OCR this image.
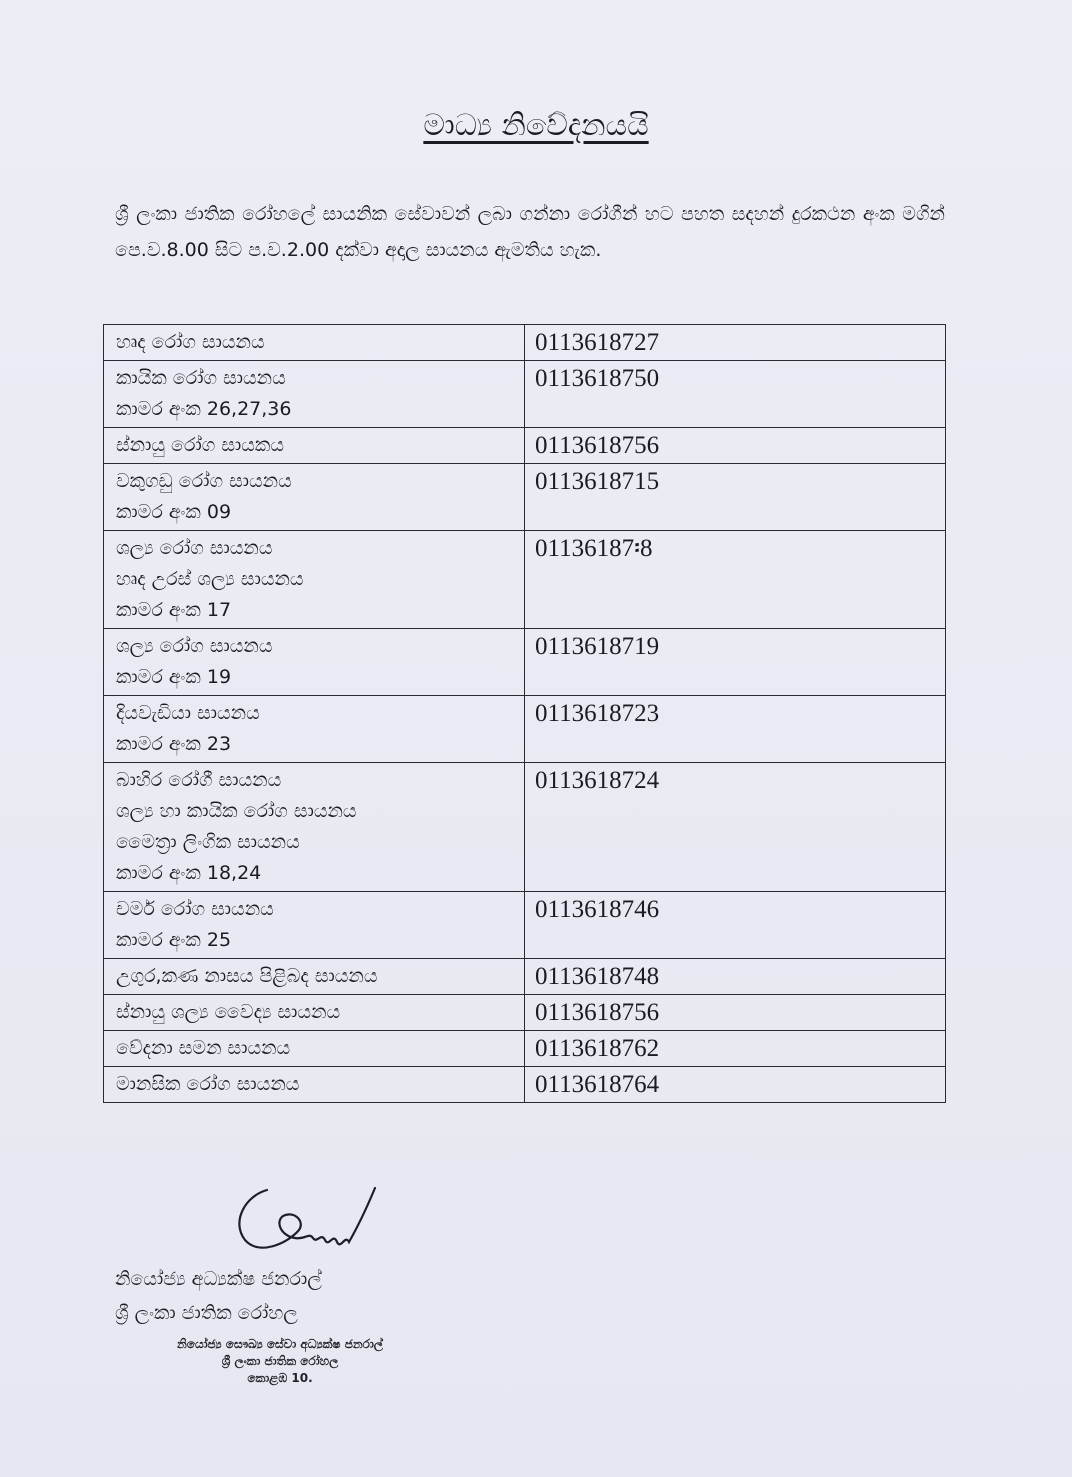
මාධ්‍ය නිවේදනයයි

ශ්‍රී ලංකා ජාතික රෝහලේ සායනික සේවාවන් ලබා ගන්නා රෝගීන් හට පහත සදහන් දුරකථන අංක මගින් පෙ.ව.8.00 සිට ප.ව.2.00 දක්වා අදාල සායනය ඇමතිය හැක.

හෘද රෝග සායනය	0113618727

කායික රෝග සායනය
කාමර අංක 26,27,36	0113618750

ස්නායු රෝග සායකය	0113618756

වකුගඩු රෝග සායනය
කාමර අංක 09	0113618715

ශල්‍ය රෝග සායනය
හෘද උරස් ශල්‍ය සායනය
කාමර අංක 17	01136187፡8

ශල්‍ය රෝග සායනය
කාමර අංක 19	0113618719

දියවැඩියා සායනය
කාමර අංක 23	0113618723

බාහිර රෝගී සායනය
ශල්‍ය හා කායික රෝග සායනය
මෛත්‍රා ලිංගික සායනය
කාමර අංක 18,24	0113618724

චර්ම රෝග සායනය
කාමර අංක 25	0113618746

උගුර,කණ නාසය පිළිබද සායනය	0113618748

ස්නායු ශල්‍ය වෛද්‍ය සායනය	0113618756

වේදනා සමන සායනය	0113618762

මානසික රෝග සායනය	0113618764
නියෝජ්‍ය අධ්‍යක්ෂ ජනරාල්
ශ්‍රී ලංකා ජාතික රෝහල
නියෝජ්‍ය සෞඛ්‍ය සේවා අධ්‍යක්ෂ ජනරාල්
ශ්‍රී ලංකා ජාතික රෝහල
කොළඹ 10.
